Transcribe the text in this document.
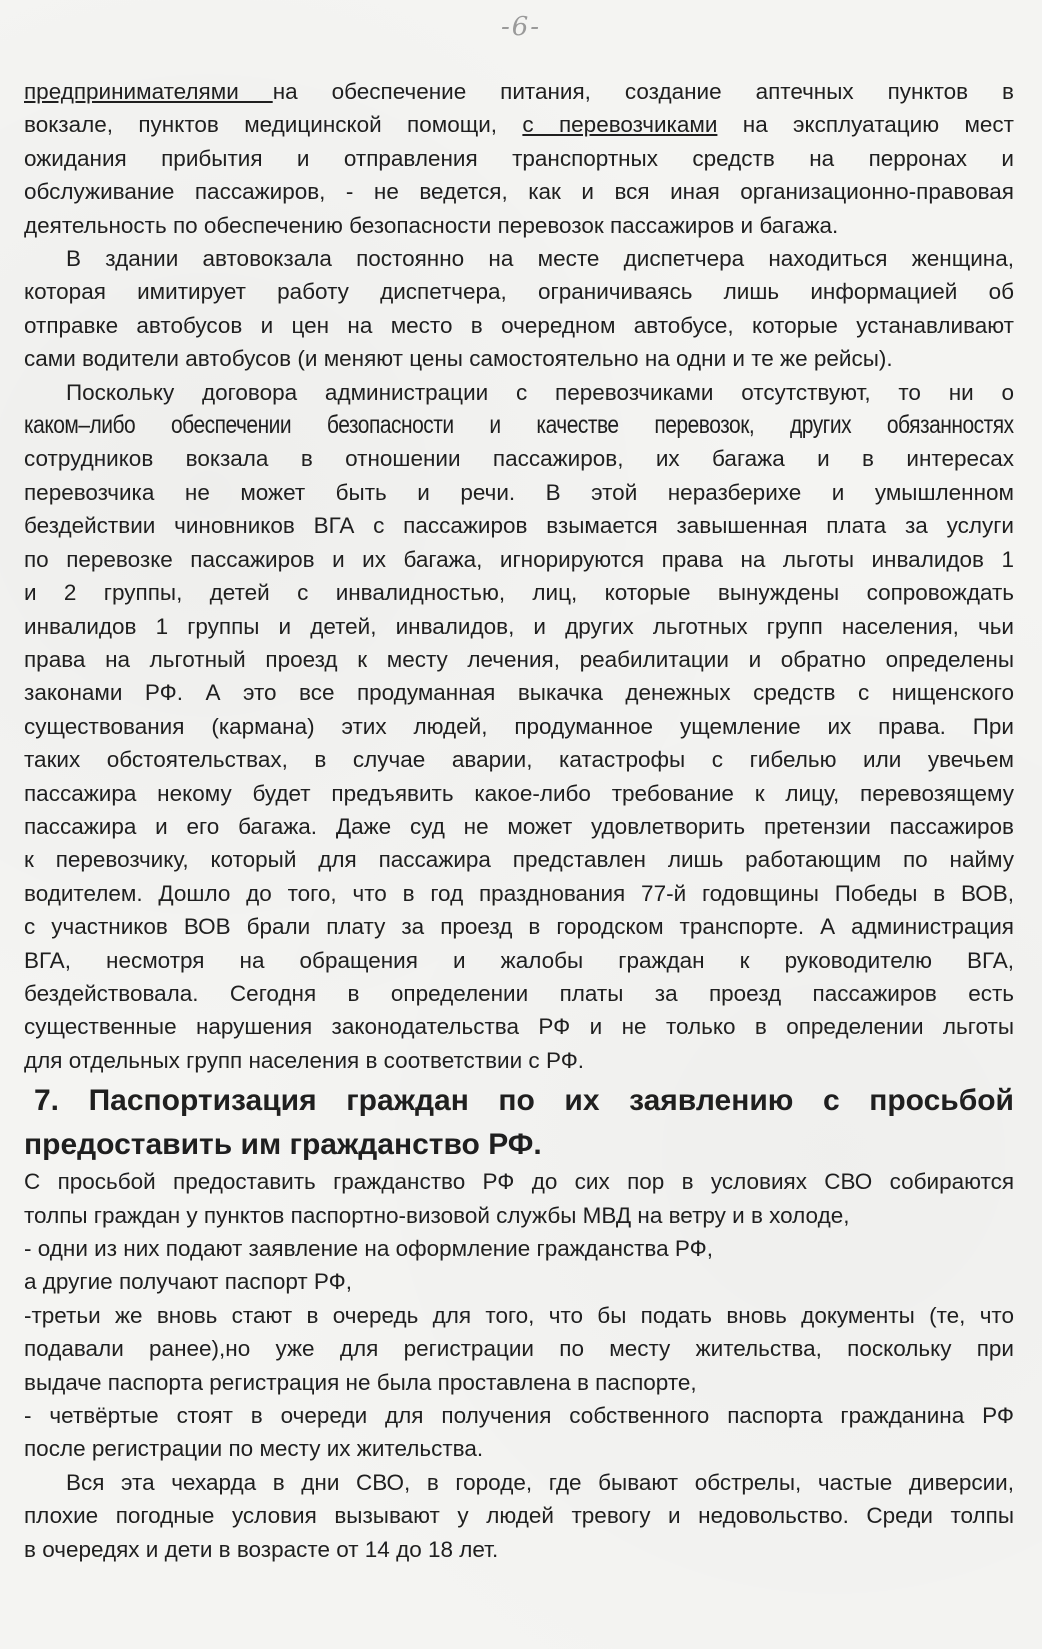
-6-

предпринимателями на обеспечение питания, создание аптечных пунктов в

вокзале, пунктов медицинской помощи, с перевозчиками на эксплуатацию мест

ожидания прибытия и отправления транспортных средств на перронах и

обслуживание пассажиров, - не ведется, как и вся иная организационно-правовая

деятельность по обеспечению безопасности перевозок пассажиров и багажа.

В здании автовокзала постоянно на месте диспетчера находиться женщина,

которая имитирует работу диспетчера, ограничиваясь лишь информацией об

отправке автобусов и цен на место в очередном автобусе, которые устанавливают

сами водители автобусов (и меняют цены самостоятельно на одни и те же рейсы).

Поскольку договора администрации с перевозчиками отсутствуют, то ни о

каком–либо обеспечении безопасности и качестве перевозок, других обязанностях

сотрудников вокзала в отношении пассажиров, их багажа и в интересах

перевозчика не может быть и речи. В этой неразберихе и умышленном

бездействии чиновников ВГА с пассажиров взымается завышенная плата за услуги

по перевозке пассажиров и их багажа, игнорируются права на льготы инвалидов 1

и 2 группы, детей с инвалидностью, лиц, которые вынуждены сопровождать

инвалидов 1 группы и детей, инвалидов, и других льготных групп населения, чьи

права на льготный проезд к месту лечения, реабилитации и обратно определены

законами РФ. А это все продуманная выкачка денежных средств с нищенского

существования (кармана) этих людей, продуманное ущемление их права. При

таких обстоятельствах, в случае аварии, катастрофы с гибелью или увечьем

пассажира некому будет предъявить какое-либо требование к лицу, перевозящему

пассажира и его багажа. Даже суд не может удовлетворить претензии пассажиров

к перевозчику, который для пассажира представлен лишь работающим по найму

водителем. Дошло до того, что в год празднования 77-й годовщины Победы в ВОВ,

с участников ВОВ брали плату за проезд в городском транспорте. А администрация

ВГА, несмотря на обращения и жалобы граждан к руководителю ВГА,

бездействовала. Сегодня в определении платы за проезд пассажиров есть

существенные нарушения законодательства РФ и не только в определении льготы

для отдельных групп населения в соответствии с РФ.

7. Паспортизация граждан по их заявлению с просьбой
предоставить им гражданство РФ.

С просьбой предоставить гражданство РФ до сих пор в условиях СВО собираются

толпы граждан у пунктов паспортно-визовой службы МВД на ветру и в холоде,

- одни из них подают заявление на оформление гражданства РФ,

а другие получают паспорт РФ,

-третьи же вновь стают в очередь для того, что бы подать вновь документы (те, что

подавали ранее),но уже для регистрации по месту жительства, поскольку при

выдаче паспорта регистрация не была проставлена в паспорте,

- четвёртые стоят в очереди для получения собственного паспорта гражданина РФ

после регистрации по месту их жительства.

Вся эта чехарда в дни СВО, в городе, где бывают обстрелы, частые диверсии,

плохие погодные условия вызывают у людей тревогу и недовольство. Среди толпы

в очередях и дети в возрасте от 14 до 18 лет.
